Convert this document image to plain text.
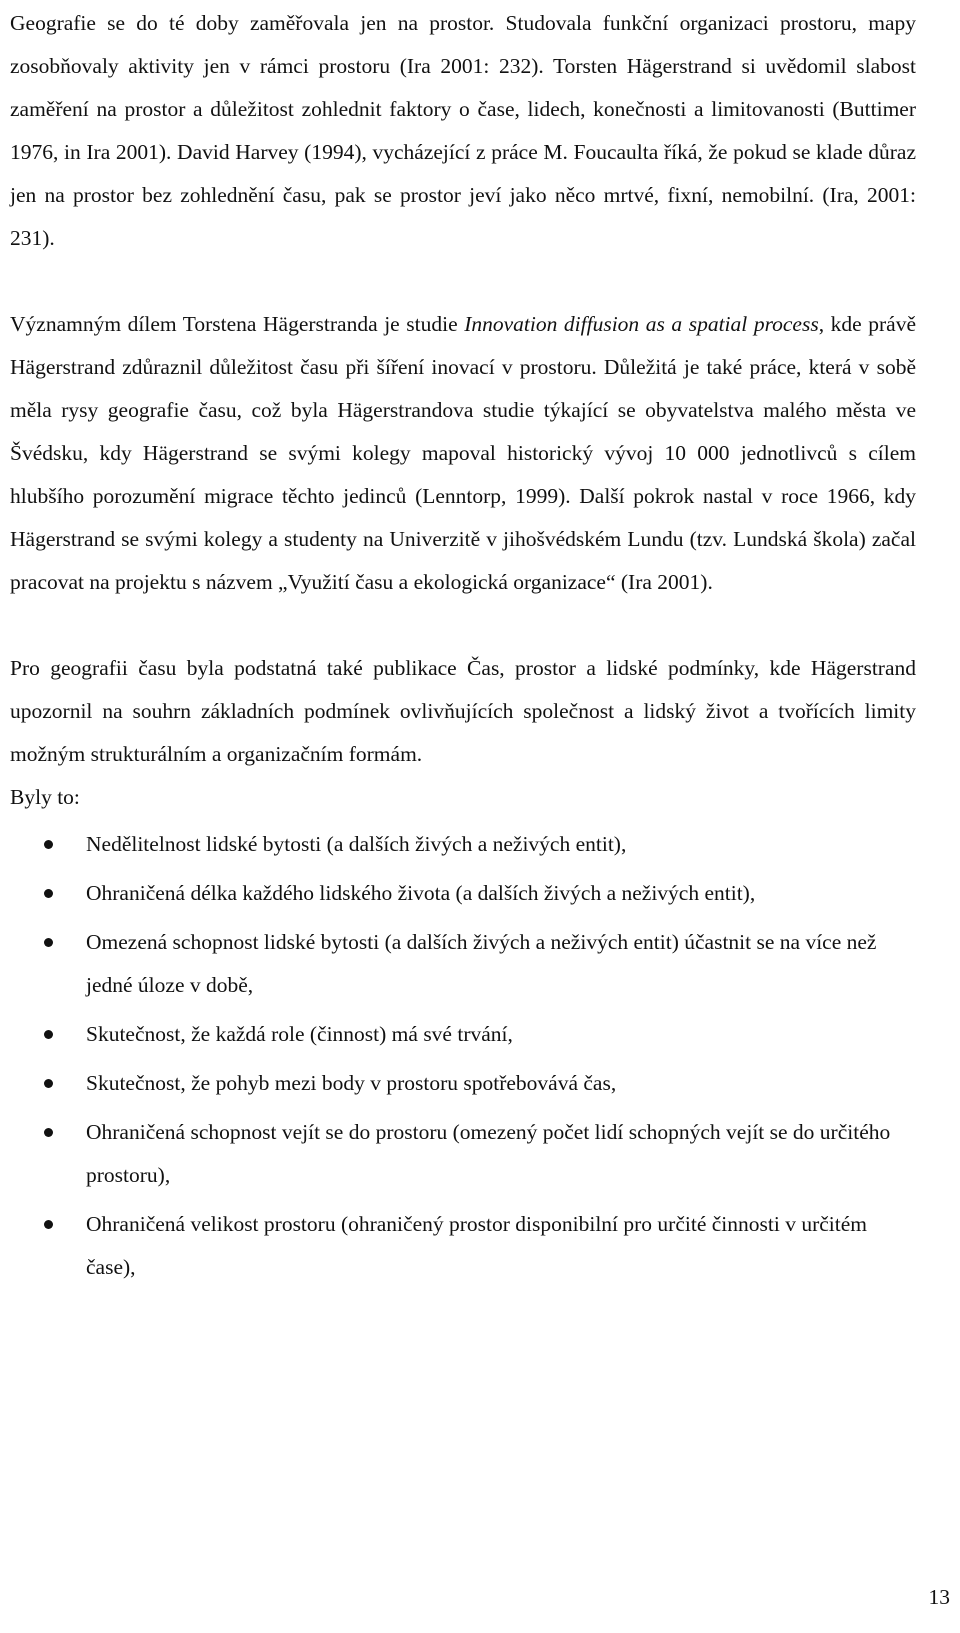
Geografie se do té doby zaměřovala jen na prostor. Studovala funkční organizaci prostoru, mapy zosobňovaly aktivity jen v rámci prostoru (Ira 2001: 232). Torsten Hägerstrand si uvědomil slabost zaměření na prostor a důležitost zohlednit faktory o čase, lidech, konečnosti a limitovanosti (Buttimer 1976, in Ira 2001). David Harvey (1994), vycházející z práce M. Foucaulta říká, že pokud se klade důraz jen na prostor bez zohlednění času, pak se prostor jeví jako něco mrtvé, fixní, nemobilní. (Ira, 2001: 231).

Významným dílem Torstena Hägerstranda je studie Innovation diffusion as a spatial process, kde právě Hägerstrand zdůraznil důležitost času při šíření inovací v prostoru. Důležitá je také práce, která v sobě měla rysy geografie času, což byla Hägerstrandova studie týkající se obyvatelstva malého města ve Švédsku, kdy Hägerstrand se svými kolegy mapoval historický vývoj 10 000 jednotlivců s cílem hlubšího porozumění migrace těchto jedinců (Lenntorp, 1999). Další pokrok nastal v roce 1966, kdy Hägerstrand se svými kolegy a studenty na Univerzitě v jihošvédském Lundu (tzv. Lundská škola) začal pracovat na projektu s názvem „Využití času a ekologická organizace“ (Ira 2001).

Pro geografii času byla podstatná také publikace Čas, prostor a lidské podmínky, kde Hägerstrand upozornil na souhrn základních podmínek ovlivňujících společnost a lidský život a tvořících limity možným strukturálním a organizačním formám.

Byly to:

Nedělitelnost lidské bytosti (a dalších živých a neživých entit),
Ohraničená délka každého lidského života (a dalších živých a neživých entit),
Omezená schopnost lidské bytosti (a dalších živých a neživých entit) účastnit se na více než jedné úloze v době,
Skutečnost, že každá role (činnost) má své trvání,
Skutečnost, že pohyb mezi body v prostoru spotřebovává čas,
Ohraničená schopnost vejít se do prostoru (omezený počet lidí schopných vejít se do určitého prostoru),
Ohraničená velikost prostoru (ohraničený prostor disponibilní pro určité činnosti v určitém čase),
13
